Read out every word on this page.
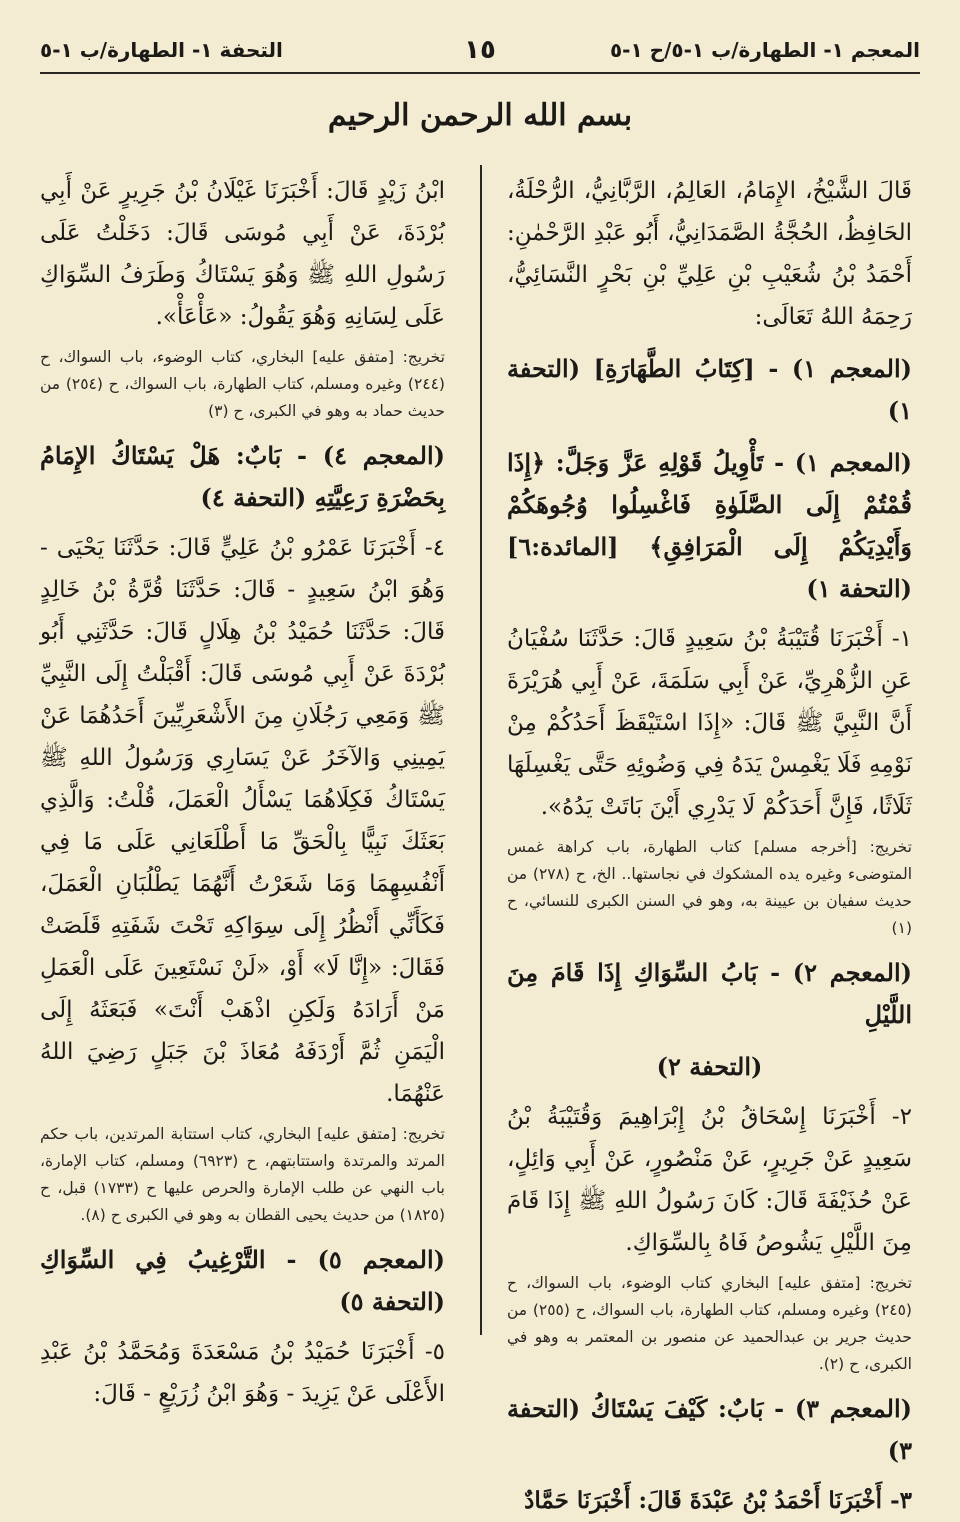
المعجم ١- الطهارة/ب ١-٥/ح ١-٥
١٥
التحفة ١- الطهارة/ب ١-٥
بسم الله الرحمن الرحيم

قَالَ الشَّيْخُ، الإِمَامُ، العَالِمُ، الرَّبَّانِيُّ، الرُّحْلَةُ، الحَافِظُ، الحُجَّةُ الصَّمَدَانِيُّ، أَبُو عَبْدِ الرَّحْمٰنِ: أَحْمَدُ بْنُ شُعَيْبِ بْنِ عَلِيِّ بْنِ بَحْرٍ النَّسَائِيُّ، رَحِمَهُ اللهُ تَعَالَى:

(المعجم ١) - [كِتَابُ الطَّهَارَةِ] (التحفة ١)

(المعجم ١) - تَأْوِيلُ قَوْلِهِ عَزَّ وَجَلَّ: ﴿إِذَا قُمْتُمْ إِلَى الصَّلَوٰةِ فَاغْسِلُوا وُجُوهَكُمْ وَأَيْدِيَكُمْ إِلَى الْمَرَافِقِ﴾ [المائدة:٦] (التحفة ١)

١- أَخْبَرَنَا قُتَيْبَةُ بْنُ سَعِيدٍ قَالَ: حَدَّثَنَا سُفْيَانُ عَنِ الزُّهْرِيِّ، عَنْ أَبِي سَلَمَةَ، عَنْ أَبِي هُرَيْرَةَ أَنَّ النَّبِيَّ ﷺ قَالَ: «إِذَا اسْتَيْقَظَ أَحَدُكُمْ مِنْ نَوْمِهِ فَلَا يَغْمِسْ يَدَهُ فِي وَضُوئِهِ حَتَّى يَغْسِلَهَا ثَلَاثًا، فَإِنَّ أَحَدَكُمْ لَا يَدْرِي أَيْنَ بَاتَتْ يَدُهُ».

تخريج: [أخرجه مسلم] كتاب الطهارة، باب كراهة غمس المتوضىء وغيره يده المشكوك في نجاستها.. الخ، ح (٢٧٨) من حديث سفيان بن عيينة به، وهو في السنن الكبرى للنسائي، ح (١)

(المعجم ٢) - بَابُ السِّوَاكِ إِذَا قَامَ مِنَ اللَّيْلِ

(التحفة ٢)

٢- أَخْبَرَنَا إِسْحَاقُ بْنُ إِبْرَاهِيمَ وَقُتَيْبَةُ بْنُ سَعِيدٍ عَنْ جَرِيرٍ، عَنْ مَنْصُورٍ، عَنْ أَبِي وَائِلٍ، عَنْ حُذَيْفَةَ قَالَ: كَانَ رَسُولُ اللهِ ﷺ إِذَا قَامَ مِنَ اللَّيْلِ يَشُوصُ فَاهُ بِالسِّوَاكِ.

تخريج: [متفق عليه] البخاري كتاب الوضوء، باب السواك، ح (٢٤٥) وغيره ومسلم، كتاب الطهارة، باب السواك، ح (٢٥٥) من حديث جرير بن عبدالحميد عن منصور بن المعتمر به وهو في الكبرى، ح (٢).

(المعجم ٣) - بَابٌ: كَيْفَ يَسْتَاكُ (التحفة ٣)

٣- أَخْبَرَنَا أَحْمَدُ بْنُ عَبْدَةَ قَالَ: أَخْبَرَنَا حَمَّادٌ

ابْنُ زَيْدٍ قَالَ: أَخْبَرَنَا غَيْلَانُ بْنُ جَرِيرٍ عَنْ أَبِي بُرْدَةَ، عَنْ أَبِي مُوسَى قَالَ: دَخَلْتُ عَلَى رَسُولِ اللهِ ﷺ وَهُوَ يَسْتَاكُ وَطَرَفُ السِّوَاكِ عَلَى لِسَانِهِ وَهُوَ يَقُولُ: «عَأْعَأْ».

تخريج: [متفق عليه] البخاري، كتاب الوضوء، باب السواك، ح (٢٤٤) وغيره ومسلم، كتاب الطهارة، باب السواك، ح (٢٥٤) من حديث حماد به وهو في الكبرى، ح (٣)

(المعجم ٤) - بَابٌ: هَلْ يَسْتَاكُ الإِمَامُ بِحَضْرَةِ رَعِيَّتِهِ (التحفة ٤)

٤- أَخْبَرَنَا عَمْرُو بْنُ عَلِيٍّ قَالَ: حَدَّثَنَا يَحْيَى - وَهُوَ ابْنُ سَعِيدٍ - قَالَ: حَدَّثَنَا قُرَّةُ بْنُ خَالِدٍ قَالَ: حَدَّثَنَا حُمَيْدُ بْنُ هِلَالٍ قَالَ: حَدَّثَنِي أَبُو بُرْدَةَ عَنْ أَبِي مُوسَى قَالَ: أَقْبَلْتُ إِلَى النَّبِيِّ ﷺ وَمَعِي رَجُلَانِ مِنَ الأَشْعَرِيِّينَ أَحَدُهُمَا عَنْ يَمِينِي وَالآخَرُ عَنْ يَسَارِي وَرَسُولُ اللهِ ﷺ يَسْتَاكُ فَكِلَاهُمَا يَسْأَلُ الْعَمَلَ، قُلْتُ: وَالَّذِي بَعَثَكَ نَبِيًّا بِالْحَقِّ مَا أَطْلَعَانِي عَلَى مَا فِي أَنْفُسِهِمَا وَمَا شَعَرْتُ أَنَّهُمَا يَطْلُبَانِ الْعَمَلَ، فَكَأَنِّي أَنْظُرُ إِلَى سِوَاكِهِ تَحْتَ شَفَتِهِ قَلَصَتْ فَقَالَ: «إِنَّا لَا» أَوْ، «لَنْ نَسْتَعِينَ عَلَى الْعَمَلِ مَنْ أَرَادَهُ وَلَكِنِ اذْهَبْ أَنْتَ» فَبَعَثَهُ إِلَى الْيَمَنِ ثُمَّ أَرْدَفَهُ مُعَاذَ بْنَ جَبَلٍ رَضِيَ اللهُ عَنْهُمَا.

تخريج: [متفق عليه] البخاري، كتاب استتابة المرتدين، باب حكم المرتد والمرتدة واستتابتهم، ح (٦٩٢٣) ومسلم، كتاب الإمارة، باب النهي عن طلب الإمارة والحرص عليها ح (١٧٣٣) قبل، ح (١٨٢٥) من حديث يحيى القطان به وهو في الكبرى ح (٨).

(المعجم ٥) - التَّرْغِيبُ فِي السِّوَاكِ (التحفة ٥)

٥- أَخْبَرَنَا حُمَيْدُ بْنُ مَسْعَدَةَ وَمُحَمَّدُ بْنُ عَبْدِ الأَعْلَى عَنْ يَزِيدَ - وَهُوَ ابْنُ زُرَيْعٍ - قَالَ:
